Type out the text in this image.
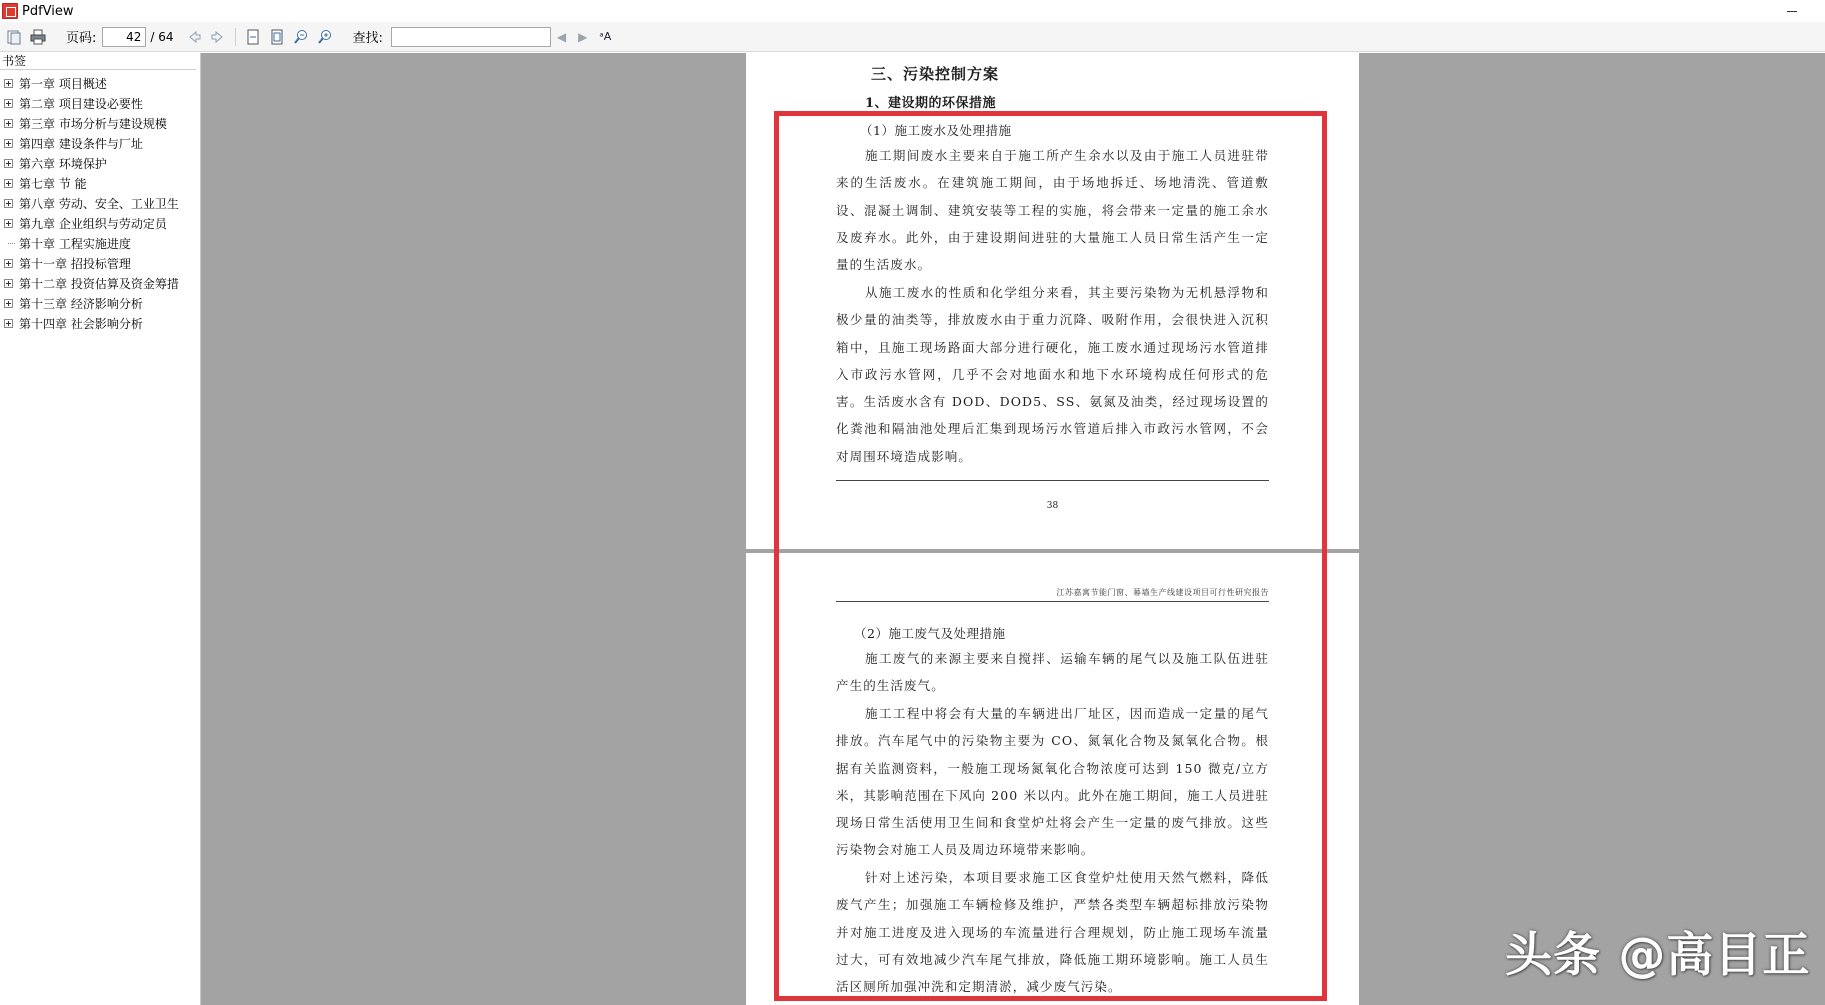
PdfView
页码:
42	/ 64	查找:	◀ ▶ ᵃA
书签
第一章 项目概述
第二章 项目建设必要性
第三章 市场分析与建设规模
第四章 建设条件与厂址
第六章 环境保护
第七章 节 能
第八章 劳动、安全、工业卫生
第九章 企业组织与劳动定员
第十章 工程实施进度
第十一章 招投标管理
第十二章 投资估算及资金筹措
第十三章 经济影响分析
第十四章 社会影响分析
三、污染控制方案
1、建设期的环保措施
（1）施工废水及处理措施

施工期间废水主要来自于施工所产生余水以及由于施工人员进驻带来的生活废水。在建筑施工期间，由于场地拆迁、场地清洗、管道敷设、混凝土调制、建筑安装等工程的实施，将会带来一定量的施工余水及废弃水。此外，由于建设期间进驻的大量施工人员日常生活产生一定量的生活废水。

从施工废水的性质和化学组分来看，其主要污染物为无机悬浮物和极少量的油类等，排放废水由于重力沉降、吸附作用，会很快进入沉积箱中，且施工现场路面大部分进行硬化，施工废水通过现场污水管道排入市政污水管网，几乎不会对地面水和地下水环境构成任何形式的危害。生活废水含有 DOD、DOD5、SS、氨氮及油类，经过现场设置的化粪池和隔油池处理后汇集到现场污水管道后排入市政污水管网，不会对周围环境造成影响。

38
江苏嘉寓节能门窗、幕墙生产线建设项目可行性研究报告
（2）施工废气及处理措施

施工废气的来源主要来自搅拌、运输车辆的尾气以及施工队伍进驻产生的生活废气。

施工工程中将会有大量的车辆进出厂址区，因而造成一定量的尾气排放。汽车尾气中的污染物主要为 CO、氮氧化合物及氮氧化合物。根据有关监测资料，一般施工现场氮氧化合物浓度可达到 150 微克/立方米，其影响范围在下风向 200 米以内。此外在施工期间，施工人员进驻现场日常生活使用卫生间和食堂炉灶将会产生一定量的废气排放。这些污染物会对施工人员及周边环境带来影响。

针对上述污染，本项目要求施工区食堂炉灶使用天然气燃料，降低废气产生；加强施工车辆检修及维护，严禁各类型车辆超标排放污染物并对施工进度及进入现场的车流量进行合理规划，防止施工现场车流量过大，可有效地减少汽车尾气排放，降低施工期环境影响。施工人员生活区厕所加强冲洗和定期清淤，减少废气污染。

头条 @高目正
